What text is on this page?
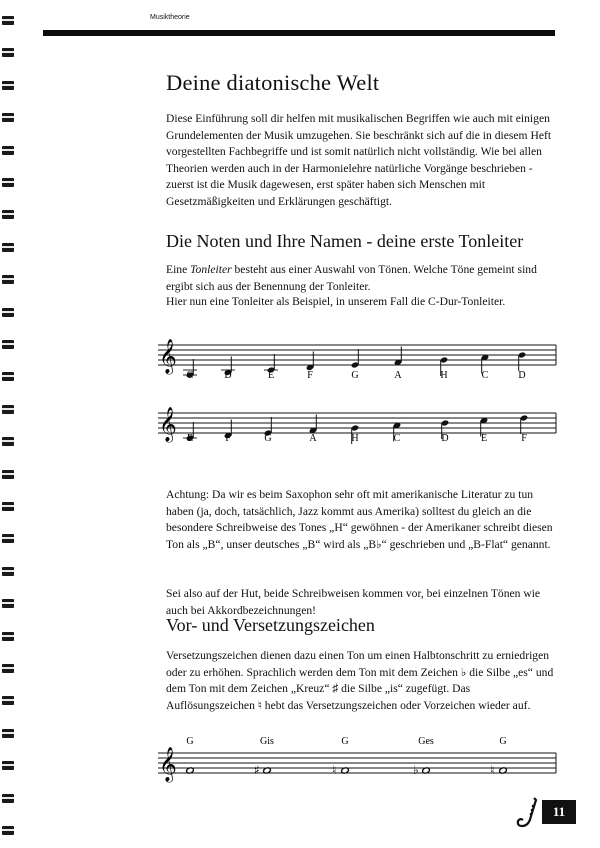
Musiktheorie
Deine diatonische Welt

Diese Einführung soll dir helfen mit musikalischen Begriffen wie auch mit einigen Grundelementen der Musik umzugehen. Sie beschränkt sich auf die in diesem Heft vorgestellten Fachbegriffe und ist somit natürlich nicht vollständig. Wie bei allen Theorien werden auch in der Harmonielehre natürliche Vorgänge beschrieben - zuerst ist die Musik dagewesen, erst später haben sich Menschen mit Gesetzmäßigkeiten und Erklärungen geschäftigt.

Die Noten und Ihre Namen - deine erste Tonleiter

Eine Tonleiter besteht aus einer Auswahl von Tönen. Welche Töne gemeint sind ergibt sich aus der Benennung der Tonleiter.

Hier nun eine Tonleiter als Beispiel, in unserem Fall die C-Dur-Tonleiter.

𝄞
C	D	E	F	G	A	H	C	D
𝄞 E	F	G	A	H	C	D	E	F
𝄞	♯	♮	♭	♮
G	Gis	G	Ges	G

Achtung: Da wir es beim Saxophon sehr oft mit amerikanische Literatur zu tun haben (ja, doch, tatsächlich, Jazz kommt aus Amerika) solltest du gleich an die besondere Schreibweise des Tones „H“ gewöhnen - der Amerikaner schreibt diesen Ton als „B“, unser deutsches „B“ wird als „B♭“ geschrieben und „B-Flat“ genannt.

Sei also auf der Hut, beide Schreibweisen kommen vor, bei einzelnen Tönen wie auch bei Akkordbezeichnungen!

Vor- und Versetzungszeichen

Versetzungszeichen dienen dazu einen Ton um einen Halbtonschritt zu erniedrigen oder zu erhöhen. Sprachlich werden dem Ton mit dem Zeichen ♭ die Silbe „es“ und dem Ton mit dem Zeichen „Kreuz“ ♯ die Silbe „is“ zugefügt. Das Auflösungszeichen ♮ hebt das Versetzungszeichen oder Vorzeichen wieder auf.

11
